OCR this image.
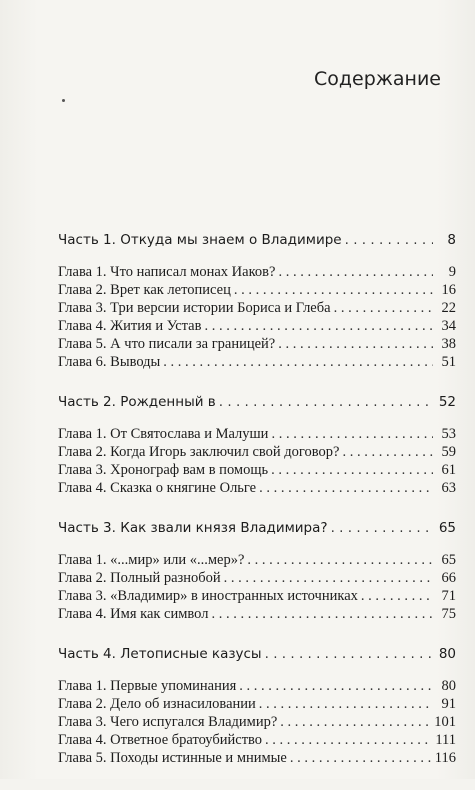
Содержание
Часть 1. Откуда мы знаем о Владимире . . .	8
Глава 1. Что написал монах Иаков? . . .	9
Глава 2. Врет как летописец . . .	16
Глава 3. Три версии истории Бориса и Глеба . . .	22
Глава 4. Жития и Устав . . .	34
Глава 5. А что писали за границей? . . .	38
Глава 6. Выводы . . .	51
Часть 2. Рожденный в . . .	52
Глава 1. От Святослава и Малуши . . .	53
Глава 2. Когда Игорь заключил свой договор? . . .	59
Глава 3. Хронограф вам в помощь . . .	61
Глава 4. Сказка о княгине Ольге . . .	63
Часть 3. Как звали князя Владимира? . . .	65
Глава 1. «...мир» или «...мер»? . . .	65
Глава 2. Полный разнобой . . .	66
Глава 3. «Владимир» в иностранных источниках . . .	71
Глава 4. Имя как символ . . .	75
Часть 4. Летописные казусы . . .	80
Глава 1. Первые упоминания . . .	80
Глава 2. Дело об изнасиловании . . .	91
Глава 3. Чего испугался Владимир? . . .	101
Глава 4. Ответное братоубийство . . .	111
Глава 5. Походы истинные и мнимые . . .	116
